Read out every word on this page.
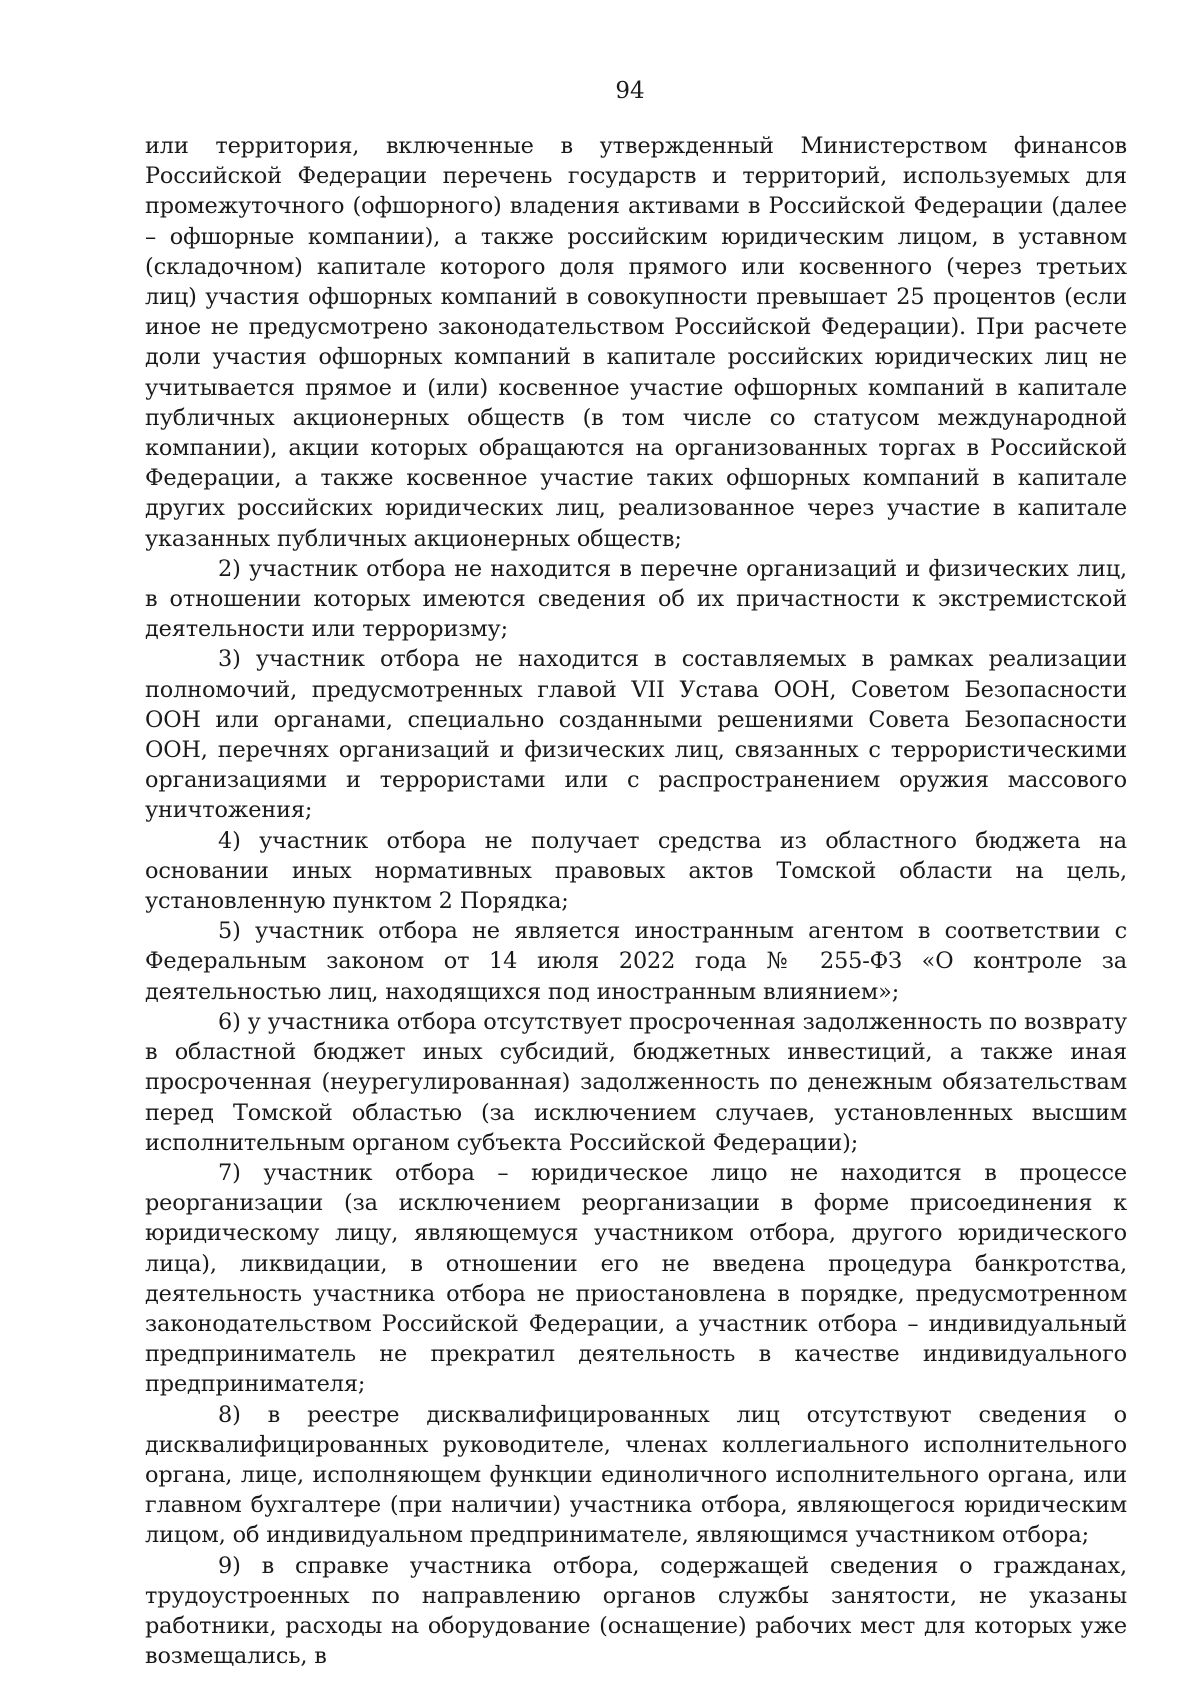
94

или территория, включенные в утвержденный Министерством финансов Российской Федерации перечень государств и территорий, используемых для промежуточного (офшорного) владения активами в Российской Федерации (далее – офшорные компании), а также российским юридическим лицом, в уставном (складочном) капитале которого доля прямого или косвенного (через третьих лиц) участия офшорных компаний в совокупности превышает 25 процентов (если иное не предусмотрено законодательством Российской Федерации). При расчете доли участия офшорных компаний в капитале российских юридических лиц не учитывается прямое и (или) косвенное участие офшорных компаний в капитале публичных акционерных обществ (в том числе со статусом международной компании), акции которых обращаются на организованных торгах в Российской Федерации, а также косвенное участие таких офшорных компаний в капитале других российских юридических лиц, реализованное через участие в капитале указанных публичных акционерных обществ;

2) участник отбора не находится в перечне организаций и физических лиц, в отношении которых имеются сведения об их причастности к экстремистской деятельности или терроризму;

3) участник отбора не находится в составляемых в рамках реализации полномочий, предусмотренных главой VII Устава ООН, Советом Безопасности ООН или органами, специально созданными решениями Совета Безопасности ООН, перечнях организаций и физических лиц, связанных с террористическими организациями и террористами или с распространением оружия массового уничтожения;

4) участник отбора не получает средства из областного бюджета на основании иных нормативных правовых актов Томской области на цель, установленную пунктом 2 Порядка;

5) участник отбора не является иностранным агентом в соответствии с Федеральным законом от 14 июля 2022 года № 255-ФЗ «О контроле за деятельностью лиц, находящихся под иностранным влиянием»;

6) у участника отбора отсутствует просроченная задолженность по возврату в областной бюджет иных субсидий, бюджетных инвестиций, а также иная просроченная (неурегулированная) задолженность по денежным обязательствам перед Томской областью (за исключением случаев, установленных высшим исполнительным органом субъекта Российской Федерации);

7) участник отбора – юридическое лицо не находится в процессе реорганизации (за исключением реорганизации в форме присоединения к юридическому лицу, являющемуся участником отбора, другого юридического лица), ликвидации, в отношении его не введена процедура банкротства, деятельность участника отбора не приостановлена в порядке, предусмотренном законодательством Российской Федерации, а участник отбора – индивидуальный предприниматель не прекратил деятельность в качестве индивидуального предпринимателя;

8) в реестре дисквалифицированных лиц отсутствуют сведения о дисквалифицированных руководителе, членах коллегиального исполнительного органа, лице, исполняющем функции единоличного исполнительного органа, или главном бухгалтере (при наличии) участника отбора, являющегося юридическим лицом, об индивидуальном предпринимателе, являющимся участником отбора;

9) в справке участника отбора, содержащей сведения о гражданах, трудоустроенных по направлению органов службы занятости, не указаны работники, расходы на оборудование (оснащение) рабочих мест для которых уже возмещались, в
